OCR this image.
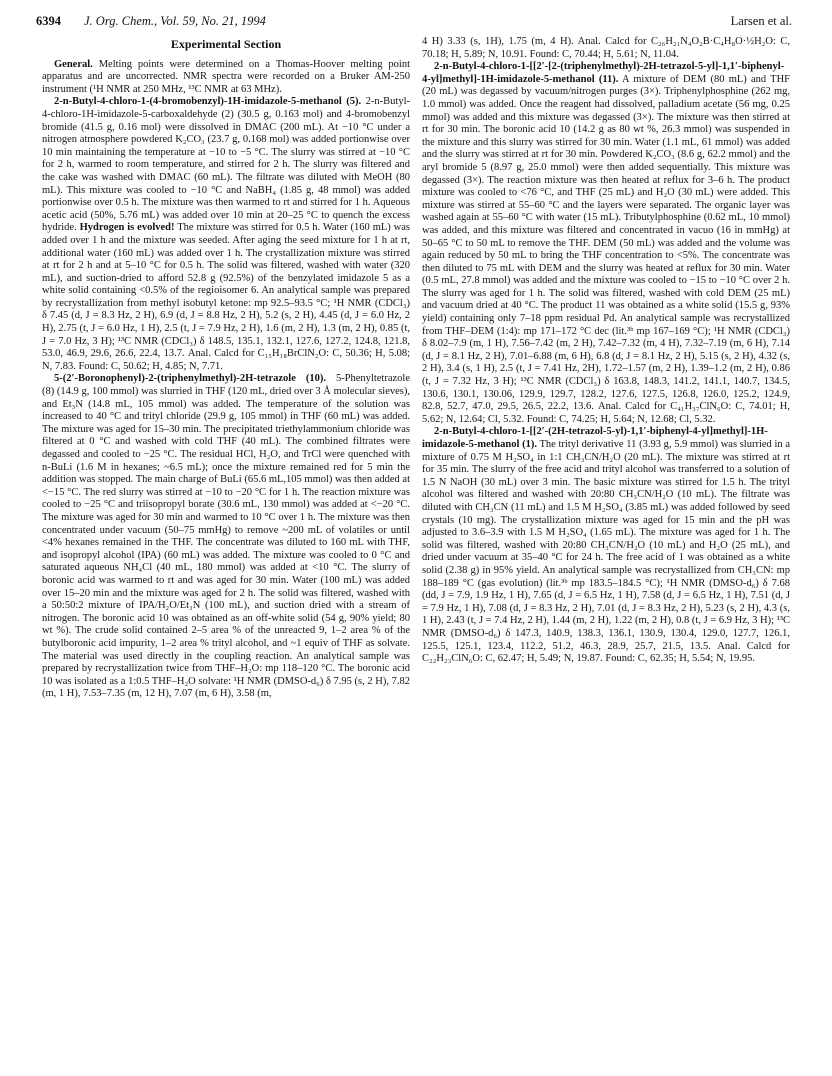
6394 J. Org. Chem., Vol. 59, No. 21, 1994	Larsen et al.
Experimental Section

General. Melting points were determined on a Thomas-Hoover melting point apparatus and are uncorrected. NMR spectra were recorded on a Bruker AM-250 instrument (¹H NMR at 250 MHz, ¹³C NMR at 63 MHz).

2-n-Butyl-4-chloro-1-(4-bromobenzyl)-1H-imidazole-5-methanol (5). 2-n-Butyl-4-chloro-1H-imidazole-5-carboxaldehyde (2) (30.5 g, 0.163 mol) and 4-bromobenzyl bromide (41.5 g, 0.16 mol) were dissolved in DMAC (200 mL). At −10 °C under a nitrogen atmosphere powdered K₂CO₃ (23.7 g, 0.168 mol) was added portionwise over 10 min maintaining the temperature at −10 to −5 °C. The slurry was stirred at −10 °C for 2 h, warmed to room temperature, and stirred for 2 h. The slurry was filtered and the cake was washed with DMAC (60 mL). The filtrate was diluted with MeOH (80 mL). This mixture was cooled to −10 °C and NaBH₄ (1.85 g, 48 mmol) was added portionwise over 0.5 h. The mixture was then warmed to rt and stirred for 1 h. Aqueous acetic acid (50%, 5.76 mL) was added over 10 min at 20–25 °C to quench the excess hydride. Hydrogen is evolved! The mixture was stirred for 0.5 h. Water (160 mL) was added over 1 h and the mixture was seeded. After aging the seed mixture for 1 h at rt, additional water (160 mL) was added over 1 h. The crystallization mixture was stirred at rt for 2 h and at 5–10 °C for 0.5 h. The solid was filtered, washed with water (320 mL), and suction-dried to afford 52.8 g (92.5%) of the benzylated imidazole 5 as a white solid containing <0.5% of the regioisomer 6. An analytical sample was prepared by recrystallization from methyl isobutyl ketone: mp 92.5–93.5 °C; ¹H NMR (CDCl₃) δ 7.45 (d, J = 8.3 Hz, 2 H), 6.9 (d, J = 8.8 Hz, 2 H), 5.2 (s, 2 H), 4.45 (d, J = 6.0 Hz, 2 H), 2.75 (t, J = 6.0 Hz, 1 H), 2.5 (t, J = 7.9 Hz, 2 H), 1.6 (m, 2 H), 1.3 (m, 2 H), 0.85 (t, J = 7.0 Hz, 3 H); ¹³C NMR (CDCl₃) δ 148.5, 135.1, 132.1, 127.6, 127.2, 124.8, 121.8, 53.0, 46.9, 29.6, 26.6, 22.4, 13.7. Anal. Calcd for C₁₅H₁₈BrClN₂O: C, 50.36; H, 5.08; N, 7.83. Found: C, 50.62; H, 4.85; N, 7.71.

5-(2′-Boronophenyl)-2-(triphenylmethyl)-2H-tetrazole (10). 5-Phenyltetrazole (8) (14.9 g, 100 mmol) was slurried in THF (120 mL, dried over 3 Å molecular sieves), and Et₃N (14.8 mL, 105 mmol) was added. The temperature of the solution was increased to 40 °C and trityl chloride (29.9 g, 105 mmol) in THF (60 mL) was added. The mixture was aged for 15–30 min. The precipitated triethylammonium chloride was filtered at 0 °C and washed with cold THF (40 mL). The combined filtrates were degassed and cooled to −25 °C. The residual HCl, H₂O, and TrCl were quenched with n-BuLi (1.6 M in hexanes; ~6.5 mL); once the mixture remained red for 5 min the addition was stopped. The main charge of BuLi (65.6 mL,105 mmol) was then added at <−15 °C. The red slurry was stirred at −10 to −20 °C for 1 h. The reaction mixture was cooled to −25 °C and triisopropyl borate (30.6 mL, 130 mmol) was added at <−20 °C. The mixture was aged for 30 min and warmed to 10 °C over 1 h. The mixture was then concentrated under vacuum (50–75 mmHg) to remove ~200 mL of volatiles or until <4% hexanes remained in the THF. The concentrate was diluted to 160 mL with THF, and isopropyl alcohol (IPA) (60 mL) was added. The mixture was cooled to 0 °C and saturated aqueous NH₄Cl (40 mL, 180 mmol) was added at <10 °C. The slurry of boronic acid was warmed to rt and was aged for 30 min. Water (100 mL) was added over 15–20 min and the mixture was aged for 2 h. The solid was filtered, washed with a 50:50:2 mixture of IPA/H₂O/Et₃N (100 mL), and suction dried with a stream of nitrogen. The boronic acid 10 was obtained as an off-white solid (54 g, 90% yield; 80 wt %). The crude solid contained 2–5 area % of the unreacted 9, 1–2 area % of the butylboronic acid impurity, 1–2 area % trityl alcohol, and ~1 equiv of THF as solvate. The material was used directly in the coupling reaction. An analytical sample was prepared by recrystallization twice from THF–H₂O: mp 118–120 °C. The boronic acid 10 was isolated as a 1:0.5 THF–H₂O solvate: ¹H NMR (DMSO-d₆) δ 7.95 (s, 2 H), 7.82 (m, 1 H), 7.53–7.35 (m, 12 H), 7.07 (m, 6 H), 3.58 (m,

4 H) 3.33 (s, 1H), 1.75 (m, 4 H). Anal. Calcd for C₂₆H₂₁N₄O₂B·C₄H₈O·½H₂O: C, 70.18; H, 5.89; N, 10.91. Found: C, 70.44; H, 5.61; N, 11.04.

2-n-Butyl-4-chloro-1-[[2′-[2-(triphenylmethyl)-2H-tetrazol-5-yl]-1,1′-biphenyl-4-yl]methyl]-1H-imidazole-5-methanol (11). A mixture of DEM (80 mL) and THF (20 mL) was degassed by vacuum/nitrogen purges (3×). Triphenylphosphine (262 mg, 1.0 mmol) was added. Once the reagent had dissolved, palladium acetate (56 mg, 0.25 mmol) was added and this mixture was degassed (3×). The mixture was then stirred at rt for 30 min. The boronic acid 10 (14.2 g as 80 wt %, 26.3 mmol) was suspended in the mixture and this slurry was stirred for 30 min. Water (1.1 mL, 61 mmol) was added and the slurry was stirred at rt for 30 min. Powdered K₂CO₃ (8.6 g, 62.2 mmol) and the aryl bromide 5 (8.97 g, 25.0 mmol) were then added sequentially. This mixture was degassed (3×). The reaction mixture was then heated at reflux for 3–6 h. The product mixture was cooled to <76 °C, and THF (25 mL) and H₂O (30 mL) were added. This mixture was stirred at 55–60 °C and the layers were separated. The organic layer was washed again at 55–60 °C with water (15 mL). Tributylphosphine (0.62 mL, 10 mmol) was added, and this mixture was filtered and concentrated in vacuo (16 in mmHg) at 50–65 °C to 50 mL to remove the THF. DEM (50 mL) was added and the volume was again reduced by 50 mL to bring the THF concentration to <5%. The concentrate was then diluted to 75 mL with DEM and the slurry was heated at reflux for 30 min. Water (0.5 mL, 27.8 mmol) was added and the mixture was cooled to −15 to −10 °C over 2 h. The slurry was aged for 1 h. The solid was filtered, washed with cold DEM (25 mL) and vacuum dried at 40 °C. The product 11 was obtained as a white solid (15.5 g, 93% yield) containing only 7–18 ppm residual Pd. An analytical sample was recrystallized from THF–DEM (1:4): mp 171–172 °C dec (lit.³ᵇ mp 167–169 °C); ¹H NMR (CDCl₃) δ 8.02–7.9 (m, 1 H), 7.56–7.42 (m, 2 H), 7.42–7.32 (m, 4 H), 7.32–7.19 (m, 6 H), 7.14 (d, J = 8.1 Hz, 2 H), 7.01–6.88 (m, 6 H), 6.8 (d, J = 8.1 Hz, 2 H), 5.15 (s, 2 H), 4.32 (s, 2 H), 3.4 (s, 1 H), 2.5 (t, J = 7.41 Hz, 2H), 1.72–1.57 (m, 2 H), 1.39–1.2 (m, 2 H), 0.86 (t, J = 7.32 Hz, 3 H); ¹³C NMR (CDCl₃) δ 163.8, 148.3, 141.2, 141.1, 140.7, 134.5, 130.6, 130.1, 130.06, 129.9, 129.7, 128.2, 127.6, 127.5, 126.8, 126.0, 125.2, 124.9, 82.8, 52.7, 47.0, 29.5, 26.5, 22.2, 13.6. Anal. Calcd for C₄₁H₃₇ClN₆O: C, 74.01; H, 5.62; N, 12.64; Cl, 5.32. Found: C, 74.25; H, 5.64; N, 12.68; Cl, 5.32.

2-n-Butyl-4-chloro-1-[[2′-(2H-tetrazol-5-yl)-1,1′-biphenyl-4-yl]methyl]-1H-imidazole-5-methanol (1). The trityl derivative 11 (3.93 g, 5.9 mmol) was slurried in a mixture of 0.75 M H₂SO₄ in 1:1 CH₃CN/H₂O (20 mL). The mixture was stirred at rt for 35 min. The slurry of the free acid and trityl alcohol was transferred to a solution of 1.5 N NaOH (30 mL) over 3 min. The basic mixture was stirred for 1.5 h. The trityl alcohol was filtered and washed with 20:80 CH₃CN/H₂O (10 mL). The filtrate was diluted with CH₃CN (11 mL) and 1.5 M H₂SO₄ (3.85 mL) was added followed by seed crystals (10 mg). The crystallization mixture was aged for 15 min and the pH was adjusted to 3.6–3.9 with 1.5 M H₂SO₄ (1.65 mL). The mixture was aged for 1 h. The solid was filtered, washed with 20:80 CH₃CN/H₂O (10 mL) and H₂O (25 mL), and dried under vacuum at 35–40 °C for 24 h. The free acid of 1 was obtained as a white solid (2.38 g) in 95% yield. An analytical sample was recrystallized from CH₃CN: mp 188–189 °C (gas evolution) (lit.³ᵇ mp 183.5–184.5 °C); ¹H NMR (DMSO-d₆) δ 7.68 (dd, J = 7.9, 1.9 Hz, 1 H), 7.65 (d, J = 6.5 Hz, 1 H), 7.58 (d, J = 6.5 Hz, 1 H), 7.51 (d, J = 7.9 Hz, 1 H), 7.08 (d, J = 8.3 Hz, 2 H), 7.01 (d, J = 8.3 Hz, 2 H), 5.23 (s, 2 H), 4.3 (s, 1 H), 2.43 (t, J = 7.4 Hz, 2 H), 1.44 (m, 2 H), 1.22 (m, 2 H), 0.8 (t, J = 6.9 Hz, 3 H); ¹³C NMR (DMSO-d₆) δ 147.3, 140.9, 138.3, 136.1, 130.9, 130.4, 129.0, 127.7, 126.1, 125.5, 125.1, 123.4, 112.2, 51.2, 46.3, 28.9, 25.7, 21.5, 13.5. Anal. Calcd for C₂₂H₂₃ClN₆O: C, 62.47; H, 5.49; N, 19.87. Found: C, 62.35; H, 5.54; N, 19.95.
